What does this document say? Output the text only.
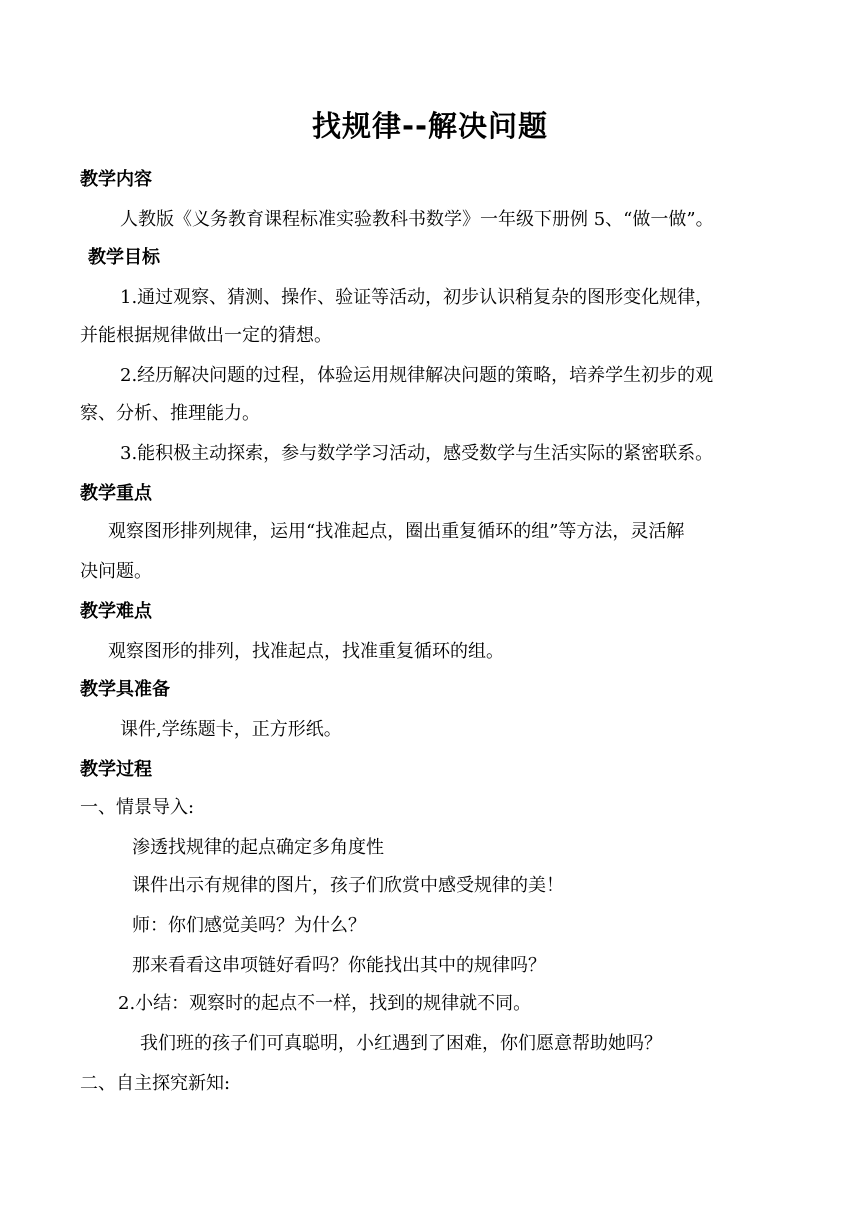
找规律--解决问题
教学内容
人教版《义务教育课程标准实验教科书数学》一年级下册例 5、“做一做”。
教学目标
1.通过观察、猜测、操作、验证等活动，初步认识稍复杂的图形变化规律，
并能根据规律做出一定的猜想。
2.经历解决问题的过程，体验运用规律解决问题的策略，培养学生初步的观
察、分析、推理能力。
3.能积极主动探索，参与数学学习活动，感受数学与生活实际的紧密联系。
教学重点
观察图形排列规律，运用“找准起点，圈出重复循环的组”等方法，灵活解
决问题。
教学难点
观察图形的排列，找准起点，找准重复循环的组。
教学具准备
课件,学练题卡，正方形纸。
教学过程
一、情景导入:
渗透找规律的起点确定多角度性
课件出示有规律的图片，孩子们欣赏中感受规律的美！
师：你们感觉美吗？为什么？
那来看看这串项链好看吗？你能找出其中的规律吗？
2.小结：观察时的起点不一样，找到的规律就不同。
我们班的孩子们可真聪明，小红遇到了困难，你们愿意帮助她吗？
二、自主探究新知:
